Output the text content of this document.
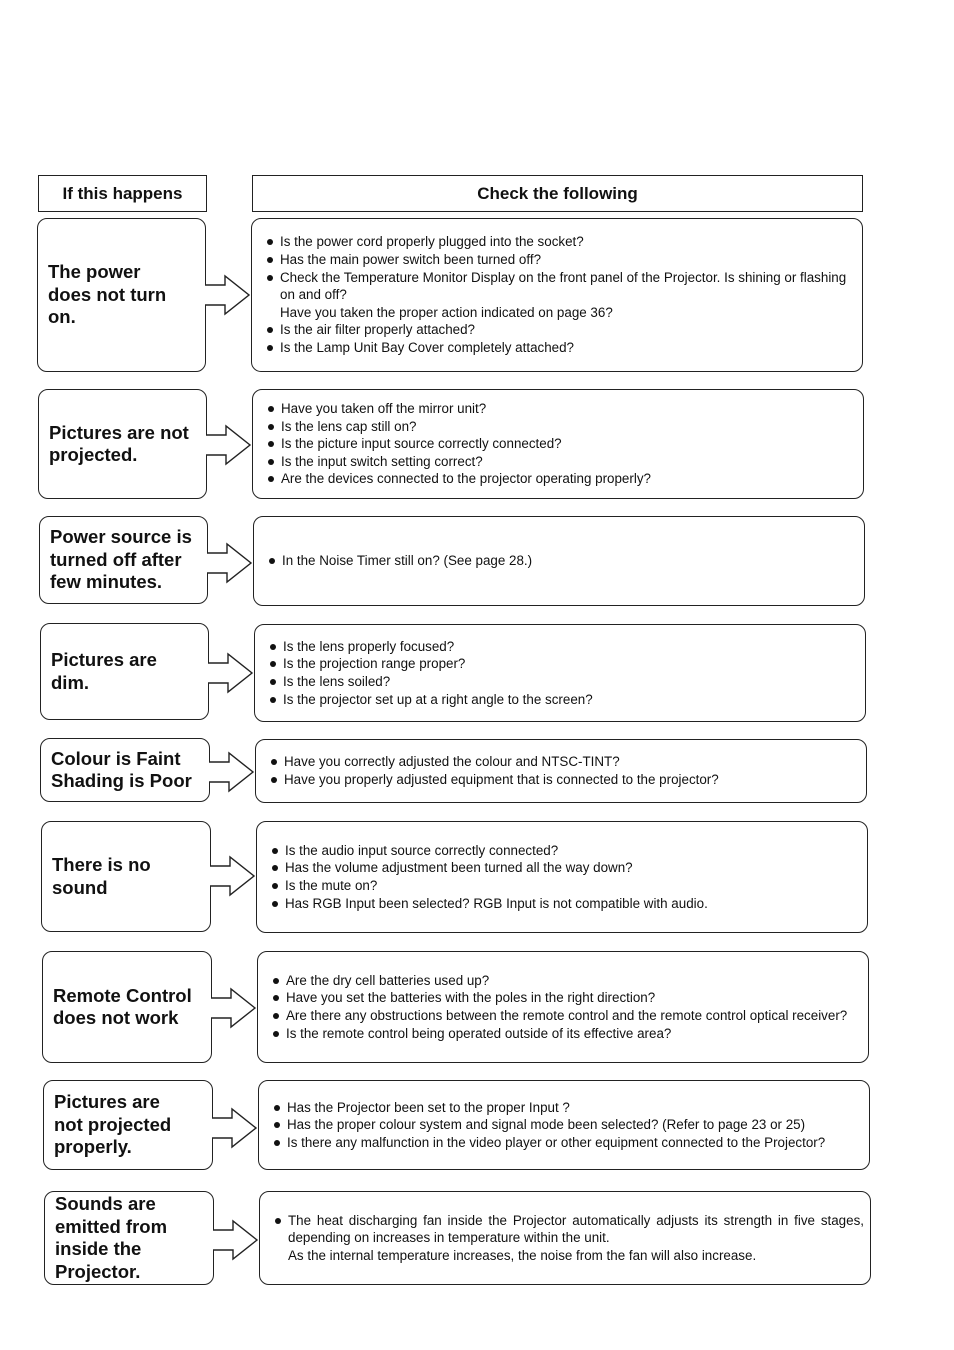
If this happens	Check the following
The power
does not turn
on.
Is the power cord properly plugged into the socket?
Has the main power switch been turned off?
Check the Temperature Monitor Display on the front panel of the Projector. Is shining or flashing on and off?
Have you taken the proper action indicated on page 36?
Is the air filter properly attached?
Is the Lamp Unit Bay Cover completely attached?
Pictures are not
projected.
Have you taken off the mirror unit?
Is the lens cap still on?
Is the picture input source correctly connected?
Is the input switch setting correct?
Are the devices connected to the projector operating properly?
Power source is
turned off after
few minutes.
In the Noise Timer still on? (See page 28.)
Pictures are
dim.
Is the lens properly focused?
Is the projection range proper?
Is the lens soiled?
Is the projector set up at a right angle to the screen?
Colour is Faint
Shading is Poor
Have you correctly adjusted the colour and NTSC-TINT?
Have you properly adjusted equipment that is connected to the projector?
There is no
sound
Is the audio input source correctly connected?
Has the volume adjustment been turned all the way down?
Is the mute on?
Has RGB Input been selected? RGB Input is not compatible with audio.
Remote Control
does not work
Are the dry cell batteries used up?
Have you set the batteries with the poles in the right direction?
Are there any obstructions between the remote control and the remote control optical receiver?
Is the remote control being operated outside of its effective area?
Pictures are
not projected
properly.
Has the Projector been set to the proper Input ?
Has the proper colour system and signal mode been selected? (Refer to page 23 or 25)
Is there any malfunction in the video player or other equipment connected to the Projector?
Sounds are
emitted from
inside the
Projector.
The heat discharging fan inside the Projector automatically adjusts its strength in five stages, depending on increases in temperature within the unit.
As the internal temperature increases, the noise from the fan will also increase.
